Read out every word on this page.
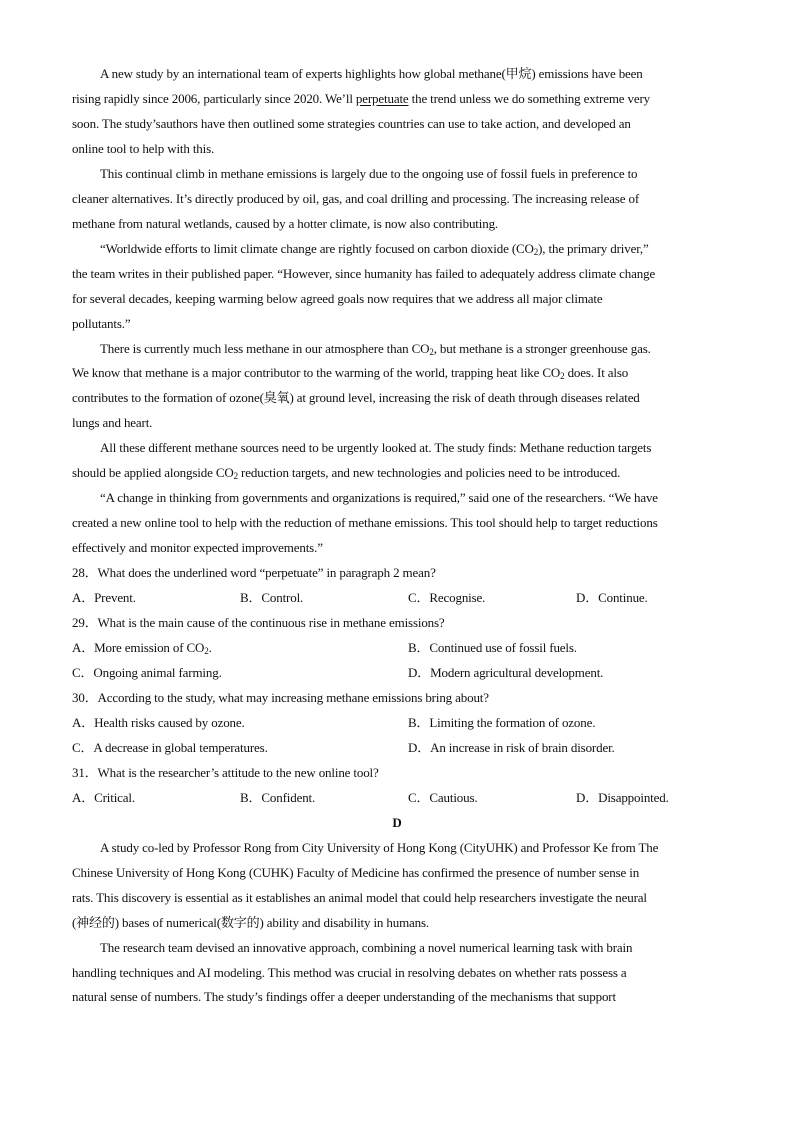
A new study by an international team of experts highlights how global methane(甲烷) emissions have been
rising rapidly since 2006, particularly since 2020. We’ll perpetuate the trend unless we do something extreme very
soon. The study’sauthors have then outlined some strategies countries can use to take action, and developed an
online tool to help with this.
This continual climb in methane emissions is largely due to the ongoing use of fossil fuels in preference to
cleaner alternatives. It’s directly produced by oil, gas, and coal drilling and processing. The increasing release of
methane from natural wetlands, caused by a hotter climate, is now also contributing.
“Worldwide efforts to limit climate change are rightly focused on carbon dioxide $(CO_2)$, the primary driver,”
the team writes in their published paper. “However, since humanity has failed to adequately address climate change
for several decades, keeping warming below agreed goals now requires that we address all major climate
pollutants.”
There is currently much less methane in our atmosphere than $CO_2$, but methane is a stronger greenhouse gas.
We know that methane is a major contributor to the warming of the world, trapping heat like $CO_2$ does. It also
contributes to the formation of ozone(臭氧) at ground level, increasing the risk of death through diseases related
lungs and heart.
All these different methane sources need to be urgently looked at. The study finds: Methane reduction targets
should be applied alongside $CO_2$ reduction targets, and new technologies and policies need to be introduced.
“A change in thinking from governments and organizations is required,” said one of the researchers. “We have
created a new online tool to help with the reduction of methane emissions. This tool should help to target reductions
effectively and monitor expected improvements.”
28．What does the underlined word “perpetuate” in paragraph 2 mean?
A．Prevent.	B．Control.	C．Recognise.	D．Continue.
29．What is the main cause of the continuous rise in methane emissions?
A．More emission of $CO_2$.	B．Continued use of fossil fuels.
C．Ongoing animal farming.	D．Modern agricultural development.
30．According to the study, what may increasing methane emissions bring about?
A．Health risks caused by ozone.	B．Limiting the formation of ozone.
C．A decrease in global temperatures.	D．An increase in risk of brain disorder.
31．What is the researcher’s attitude to the new online tool?
A．Critical.	B．Confident.	C．Cautious.	D．Disappointed.
D
A study co-led by Professor Rong from City University of Hong Kong (CityUHK) and Professor Ke from The
Chinese University of Hong Kong (CUHK) Faculty of Medicine has confirmed the presence of number sense in
rats. This discovery is essential as it establishes an animal model that could help researchers investigate the neural
(神经的) bases of numerical(数字的) ability and disability in humans.
The research team devised an innovative approach, combining a novel numerical learning task with brain
handling techniques and AI modeling. This method was crucial in resolving debates on whether rats possess a
natural sense of numbers. The study’s findings offer a deeper understanding of the mechanisms that support
